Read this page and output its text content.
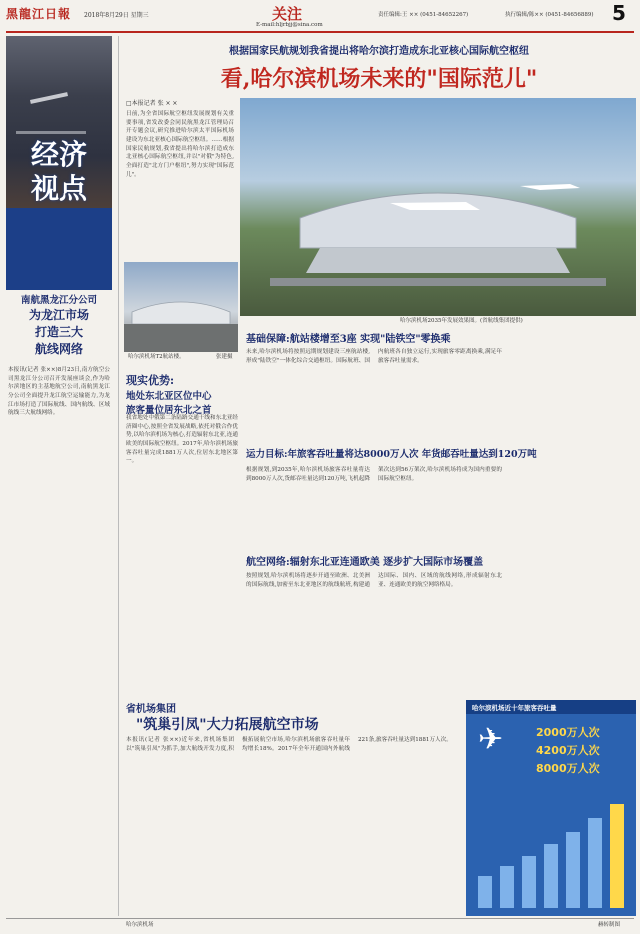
黑龍江日報 2018年8月29日 星期三	关注
E-mail:hljrbjj@sina.com
责任编辑:王 ×× (0451-84652267)	执行编辑/陈×× (0451-84656889) 5
经济视点
南航黑龙江分公司
为龙江市场
打造三大
航线网络
本报讯(记者 张××)8月23日,南方航空公司黑龙江分公司召开发展座谈会,作为哈尔滨地区的主基地航空公司,南航黑龙江分公司全面提升龙江航空运输能力,为龙江市场打造了国际航线、国内航线、区域航线三大航线网络。
根据国家民航规划我省提出将哈尔滨打造成东北亚核心国际航空枢纽
看,哈尔滨机场未来的"国际范儿"
□本报记者 张 × ×
日前,为全省国际航空枢纽发展规划有关重要事项,省发改委会同民航黑龙江管理局召开专题会议,研究推进哈尔滨太平国际机场建设为东北亚核心国际航空枢纽。……根据国家民航规划,我省提出将哈尔滨打造成东北亚核心国际航空枢纽,并以"对俄"为特色,全面打造"北方门户枢纽",努力实现"国际范儿"。
哈尔滨机场2035年发展效果图。(省航线集团提供)
哈尔滨机场T2航站楼。	张建摄
现实优势:
地处东北亚区位中心
旅客量位居东北之首
我省地处中俄第二条陆路交通干线和东北亚经济圈中心,按照全省发展战略,依托对俄合作优势,以哈尔滨机场为核心,打造辐射东北亚,连通欧美的国际航空枢纽。2017年,哈尔滨机场旅客吞吐量完成1881万人次,位居东北地区第一。
基础保障:航站楼增至3座 实现"陆铁空"零换乘
未来,哈尔滨机场将按照远期规划建设三座航站楼,形成"陆铁空"一体化综合交通枢纽。国际航班、国内航班各自独立运行,实现旅客零距离换乘,满足年旅客吞吐量需求。
运力目标:年旅客吞吐量将达8000万人次 年货邮吞吐量达到120万吨
根据规划,到2035年,哈尔滨机场旅客吞吐量将达到8000万人次,货邮吞吐量达到120万吨,飞机起降架次达到56万架次,哈尔滨机场将成为国内重要的国际航空枢纽。
航空网络:辐射东北亚连通欧美 逐步扩大国际市场覆盖
按照规划,哈尔滨机场将逐步开通至欧洲、北美洲的国际航线,加密至东北亚地区的航线航班,构建通达国际、国内、区域的航线网络,形成辐射东北亚、连通欧美的航空网络格局。
省机场集团
"筑巢引凤"大力拓展航空市场
本报讯(记者 张××)近年来,省机场集团以"筑巢引凤"为抓手,加大航线开发力度,积极拓展航空市场,哈尔滨机场旅客吞吐量年均增长18%。2017年全年开通国内外航线221条,旅客吞吐量达到1881万人次。
哈尔滨机场近十年旅客吞吐量
2000万人次
4200万人次
8000万人次
✈
哈尔滨机场	赫转制图
